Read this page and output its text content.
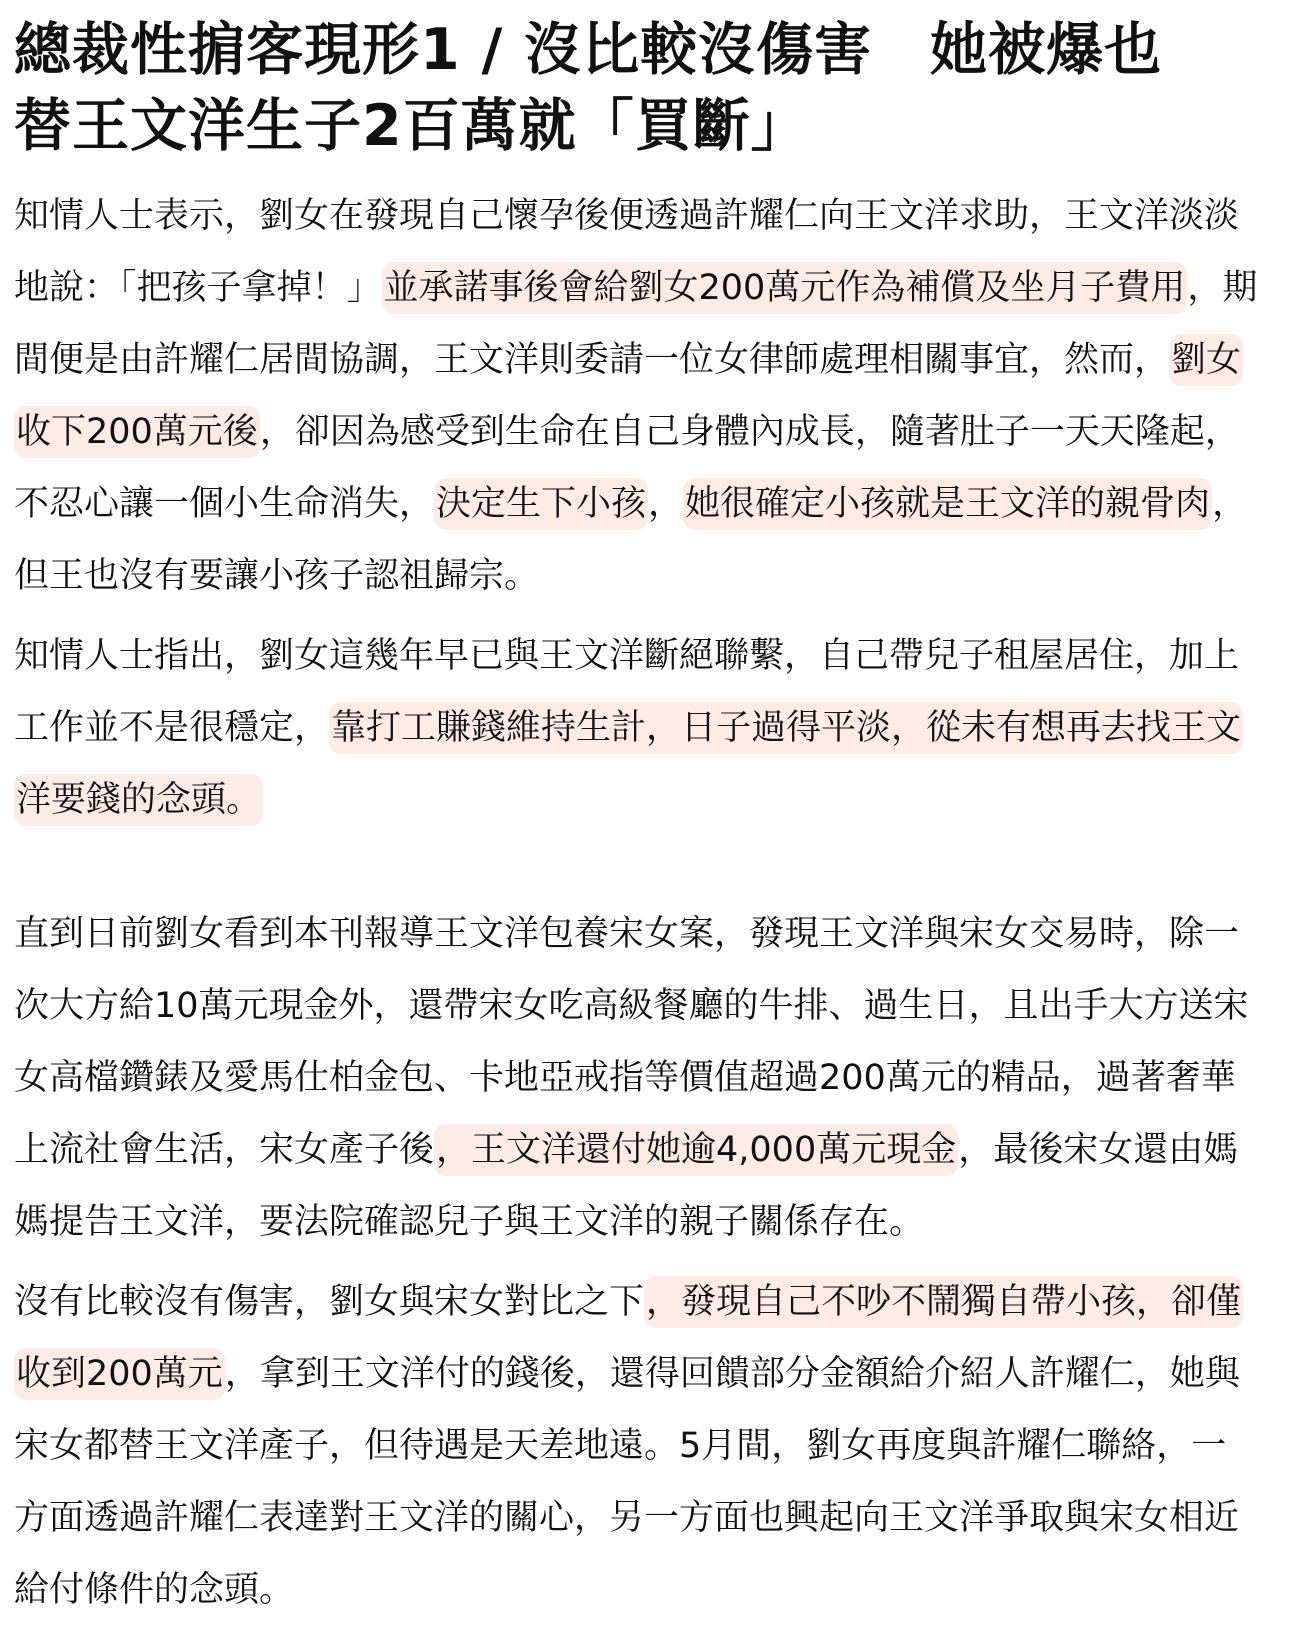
總裁性掮客現形1 / 沒比較沒傷害　她被爆也
替王文洋生子2百萬就「買斷」
知情人士表示，劉女在發現自己懷孕後便透過許耀仁向王文洋求助，王文洋淡淡
地說：「把孩子拿掉！」並承諾事後會給劉女200萬元作為補償及坐月子費用，期
間便是由許耀仁居間協調，王文洋則委請一位女律師處理相關事宜，然而，劉女
收下200萬元後，卻因為感受到生命在自己身體內成長，隨著肚子一天天隆起，
不忍心讓一個小生命消失，決定生下小孩，她很確定小孩就是王文洋的親骨肉，
但王也沒有要讓小孩子認祖歸宗。
知情人士指出，劉女這幾年早已與王文洋斷絕聯繫，自己帶兒子租屋居住，加上
工作並不是很穩定，靠打工賺錢維持生計，日子過得平淡，從未有想再去找王文
洋要錢的念頭。
直到日前劉女看到本刊報導王文洋包養宋女案，發現王文洋與宋女交易時，除一
次大方給10萬元現金外，還帶宋女吃高級餐廳的牛排、過生日，且出手大方送宋
女高檔鑽錶及愛馬仕柏金包、卡地亞戒指等價值超過200萬元的精品，過著奢華
上流社會生活，宋女產子後，王文洋還付她逾4,000萬元現金，最後宋女還由媽
媽提告王文洋，要法院確認兒子與王文洋的親子關係存在。
沒有比較沒有傷害，劉女與宋女對比之下，發現自己不吵不鬧獨自帶小孩，卻僅
收到200萬元，拿到王文洋付的錢後，還得回饋部分金額給介紹人許耀仁，她與
宋女都替王文洋產子，但待遇是天差地遠。5月間，劉女再度與許耀仁聯絡，一
方面透過許耀仁表達對王文洋的關心，另一方面也興起向王文洋爭取與宋女相近
給付條件的念頭。
